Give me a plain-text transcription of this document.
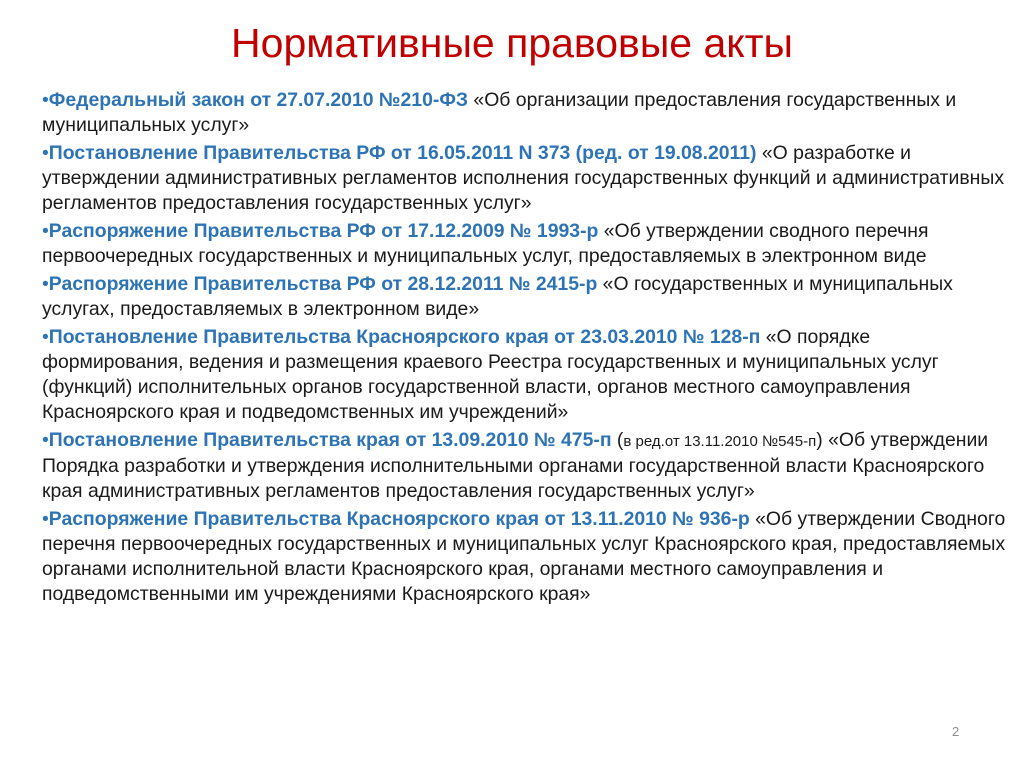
Нормативные правовые акты

•Федеральный закон от 27.07.2010 №210-ФЗ «Об организации предоставления государственных и муниципальных услуг»

•Постановление Правительства РФ от 16.05.2011 N 373 (ред. от 19.08.2011) «О разработке и утверждении административных регламентов исполнения государственных функций и административных регламентов предоставления государственных услуг»

•Распоряжение Правительства РФ от 17.12.2009 № 1993-р «Об утверждении сводного перечня первоочередных государственных и муниципальных услуг, предоставляемых в электронном виде

•Распоряжение Правительства РФ от 28.12.2011 № 2415-р «О государственных и муниципальных услугах, предоставляемых в электронном виде»

•Постановление Правительства Красноярского края от 23.03.2010 № 128-п «О порядке формирования, ведения и размещения краевого Реестра государственных и муниципальных услуг (функций) исполнительных органов государственной власти, органов местного самоуправления Красноярского края и подведомственных им учреждений»

•Постановление Правительства края от 13.09.2010 № 475-п (в ред.от 13.11.2010 №545-п) «Об утверждении Порядка разработки и утверждения исполнительными органами государственной власти Красноярского края административных регламентов предоставления государственных услуг»

•Распоряжение Правительства Красноярского края от 13.11.2010 № 936-р «Об утверждении Сводного перечня первоочередных государственных и муниципальных услуг Красноярского края, предоставляемых органами исполнительной власти Красноярского края, органами местного самоуправления и подведомственными им учреждениями Красноярского края»

2
